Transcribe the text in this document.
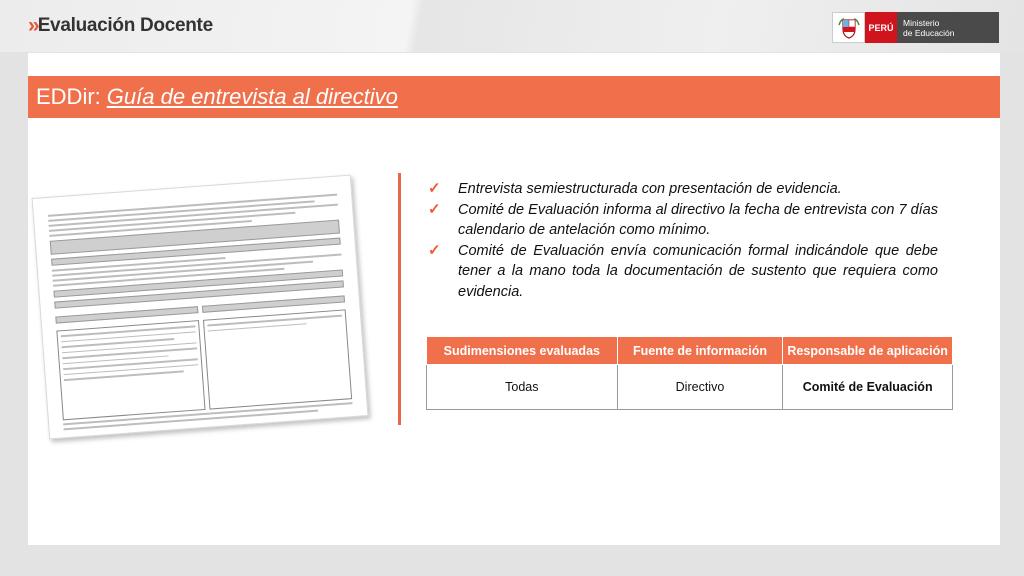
» Evaluación Docente	PERÚ	Ministerio
de Educación
EDDir: Guía de entrevista al directivo
✓	Entrevista semiestructurada con presentación de evidencia.
✓	Comité de Evaluación informa al directivo la fecha de entrevista con 7 días calendario de antelación como mínimo.
✓	Comité de Evaluación envía comunicación formal indicándole que debe tener a la mano toda la documentación de sustento que requiera como evidencia.
Sudimensiones evaluadas	Fuente de información	Responsable de aplicación
Todas	Directivo	Comité de Evaluación
